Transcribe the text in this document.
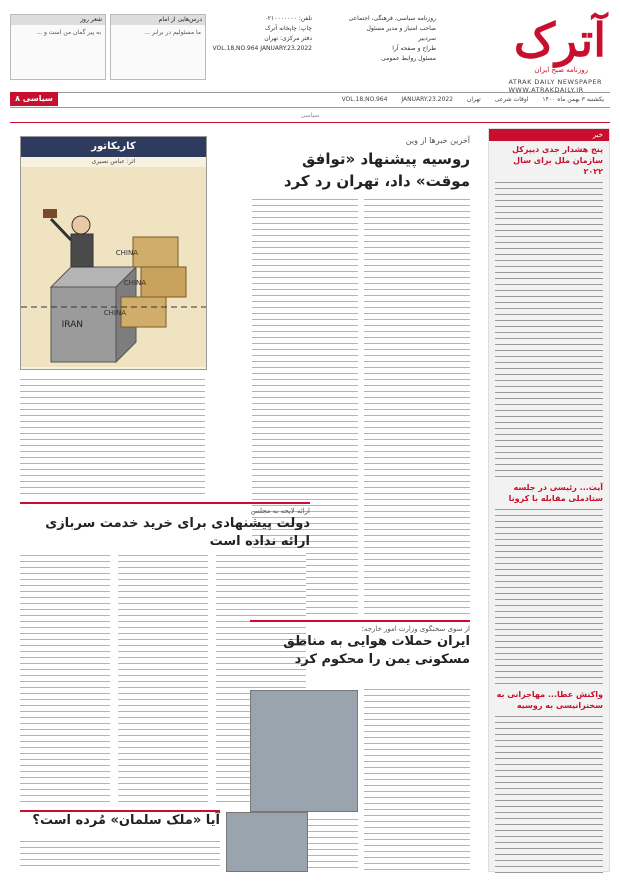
آترک
روزنامه صبح ایران
ATRAK DAILY NEWSPAPER
WWW.ATRAKDAILY.IR
روزنامه سیاسی، فرهنگی، اجتماعی
صاحب امتیاز و مدیر مسئول
سردبیر
طراح و صفحه آرا
مسئول روابط عمومی
تلفن: ۰۲۱۰۰۰۰۰۰۰
چاپ: چاپخانه آترک
دفتر مرکزی: تهران
VOL.18,NO.964 JANUARY.23.2022
شعر روز
به پیر گمان من است و ...
درس‌هایی از امام
ما مسئولیم در برابر ...
یکشنبه ۳ بهمن ماه ۱۴۰۰ اوقات شرعی تهران VOL.18,NO.964 JANUARY.23.2022
سیاسی ۸
سیاسی
خبر
پنج هشدار جدی دیپرکل سازمان ملل برای سال ۲۰۲۲
آیت... رئیسی در جلسه ستادملی مقابله با کرونا
واکنش عطا... مهاجرانی به سخنرانیسی به روسیه
آخرین خبرها از وین
روسیه پیشنهاد «توافق موقت» داد، تهران رد کرد
کاریکاتور
اثر: عباس نصیری
IRAN
CHINA
CHINA
CHINA
ارائه لایحه به مجلس
دولت پیشنهادی برای خرید خدمت سربازی ارائه نداده است
از سوی سخنگوی وزارت امور خارجه؛
ایران حملات هوایی به مناطق مسکونی یمن را محکوم کرد
آیا «ملک سلمان» مُرده است؟
